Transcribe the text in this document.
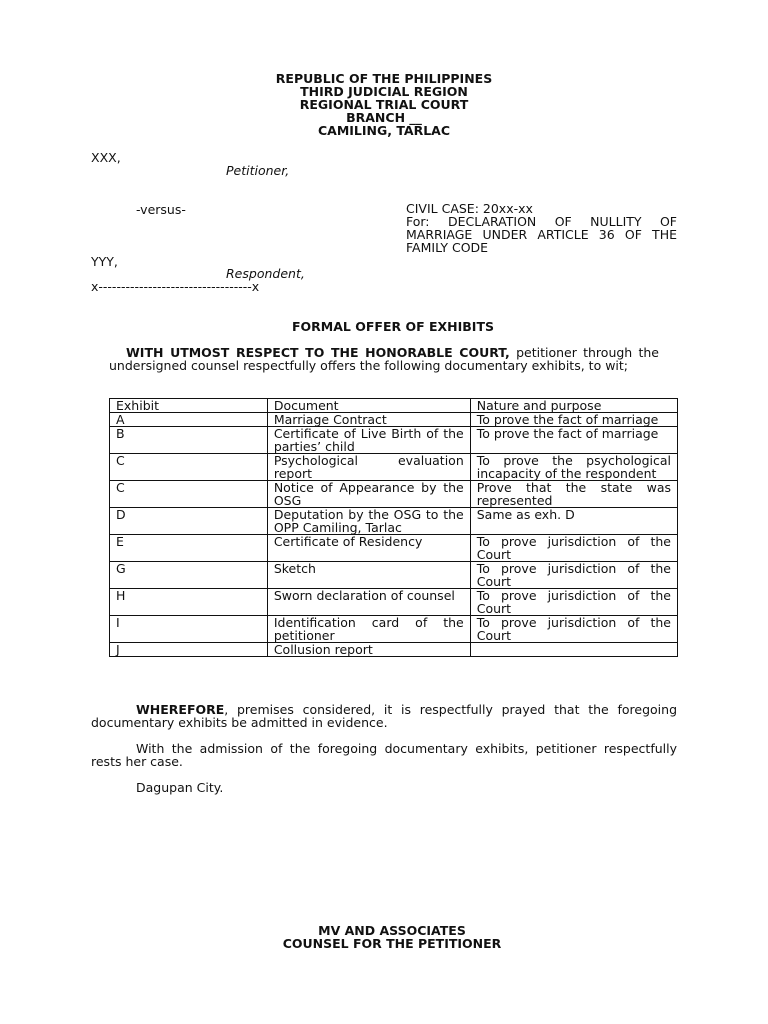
REPUBLIC OF THE PHILIPPINES
THIRD JUDICIAL REGION
REGIONAL TRIAL COURT
BRANCH __
CAMILING, TARLAC
XXX,
Petitioner,
-versus-	CIVIL CASE: 20xx-xx
For: DECLARATION OF NULLITY OF MARRIAGE UNDER ARTICLE 36 OF THE FAMILY CODE
YYY,
Respondent,
x----------------------------------x
FORMAL OFFER OF EXHIBITS
WITH UTMOST RESPECT TO THE HONORABLE COURT, petitioner through the undersigned counsel respectfully offers the following documentary exhibits, to wit;
Exhibit	Document	Nature and purpose
A	Marriage Contract	To prove the fact of marriage
B	Certificate of Live Birth of the parties’ child	To prove the fact of marriage
C	Psychological evaluation report	To prove the psychological incapacity of the respondent
C	Notice of Appearance by the OSG	Prove that the state was represented
D	Deputation by the OSG to the OPP Camiling, Tarlac	Same as exh. D
E	Certificate of Residency	To prove jurisdiction of the Court
G	Sketch	To prove jurisdiction of the Court
H	Sworn declaration of counsel	To prove jurisdiction of the Court
I	Identification card of the petitioner	To prove jurisdiction of the Court
J	Collusion report	
WHEREFORE, premises considered, it is respectfully prayed that the foregoing documentary exhibits be admitted in evidence.
With the admission of the foregoing documentary exhibits, petitioner respectfully rests her case.
Dagupan City.
MV AND ASSOCIATES
COUNSEL FOR THE PETITIONER
